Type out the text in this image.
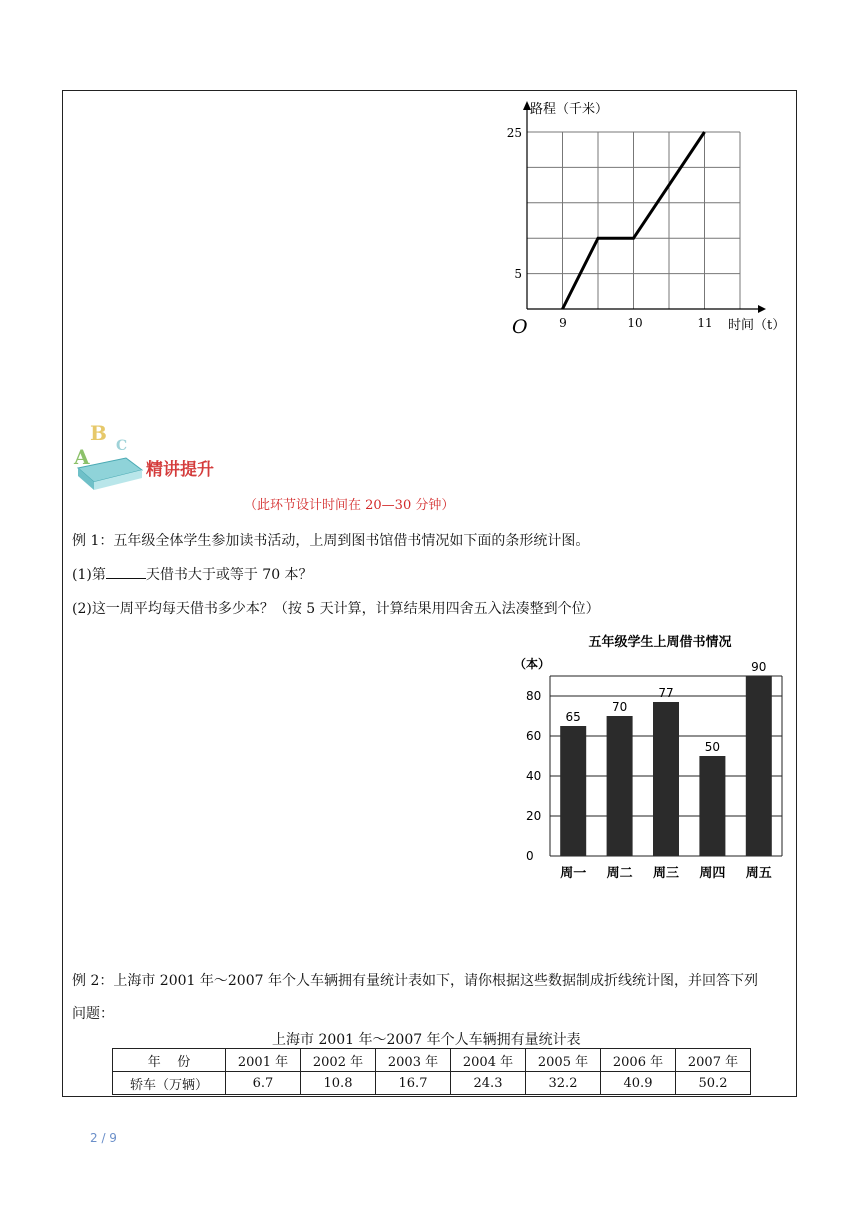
路程（千米）
时间（t）
O	9	10	11
5
25
B
C
A
精讲提升
（此环节设计时间在 20—30 分钟）
例 1：五年级全体学生参加读书活动，上周到图书馆借书情况如下面的条形统计图。
(1)第	天借书大于或等于 70 本？
(2)这一周平均每天借书多少本？（按 5 天计算，计算结果用四舍五入法凑整到个位）
五年级学生上周借书情况
（本）
0
20
40
60
80
65
周一
70
周二
77
周三
50
周四
90
周五
例 2：上海市 2001 年～2007 年个人车辆拥有量统计表如下，请你根据这些数据制成折线统计图，并回答下列
问题：
上海市 2001 年～2007 年个人车辆拥有量统计表
年    份	2001 年	2002 年	2003 年	2004 年	2005 年	2006 年	2007 年
轿车（万辆）	6.7	10.8	16.7	24.3	32.2	40.9	50.2
2 / 9
